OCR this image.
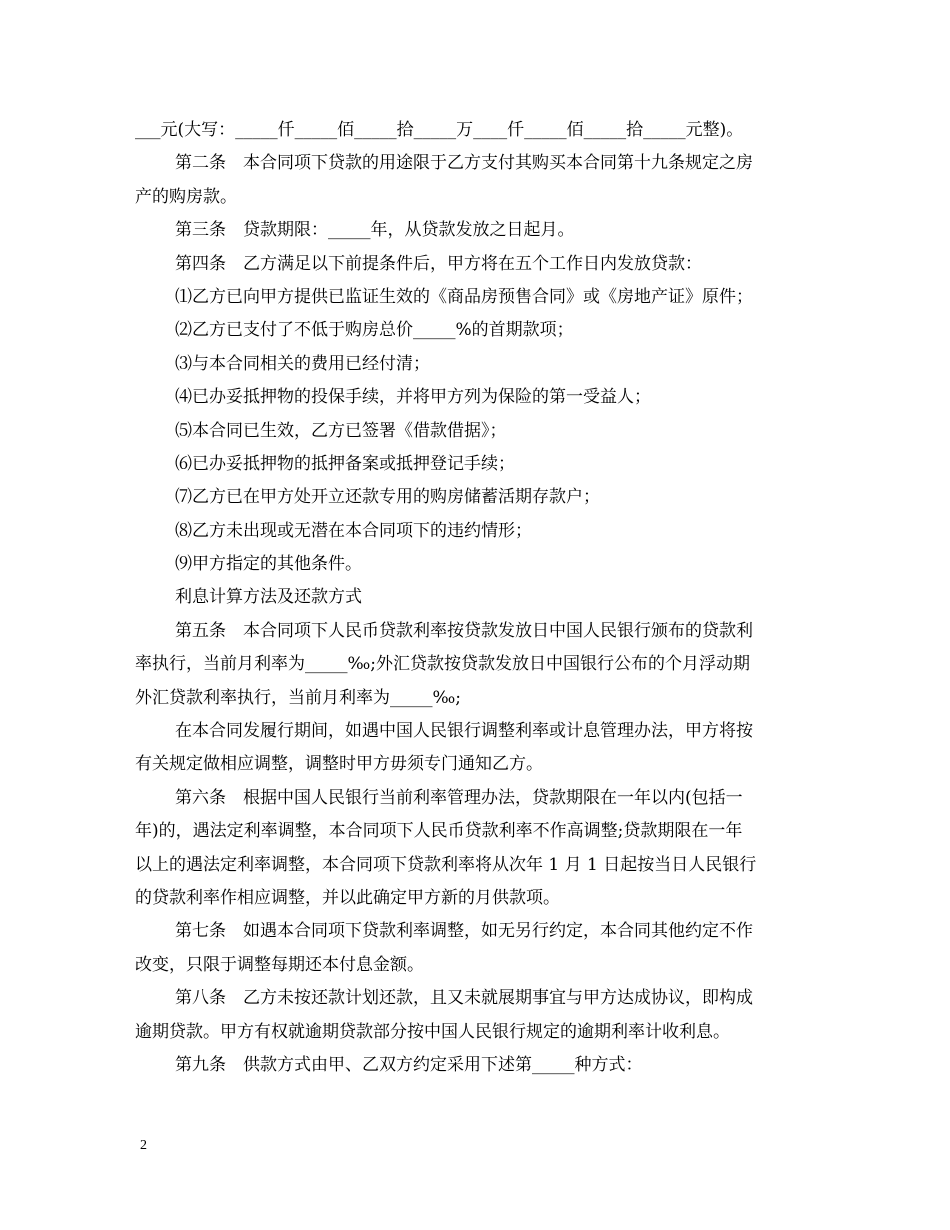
___元(大写：_____仟_____佰_____拾_____万____仟_____佰_____拾_____元整)。
第二条　本合同项下贷款的用途限于乙方支付其购买本合同第十九条规定之房
产的购房款。
第三条　贷款期限：_____年，从贷款发放之日起月。
第四条　乙方满足以下前提条件后，甲方将在五个工作日内发放贷款：
⑴乙方已向甲方提供已监证生效的《商品房预售合同》或《房地产证》原件；
⑵乙方已支付了不低于购房总价_____%的首期款项；
⑶与本合同相关的费用已经付清；
⑷已办妥抵押物的投保手续，并将甲方列为保险的第一受益人；
⑸本合同已生效，乙方已签署《借款借据》；
⑹已办妥抵押物的抵押备案或抵押登记手续；
⑺乙方已在甲方处开立还款专用的购房储蓄活期存款户；
⑻乙方未出现或无潜在本合同项下的违约情形；
⑼甲方指定的其他条件。
利息计算方法及还款方式
第五条　本合同项下人民币贷款利率按贷款发放日中国人民银行颁布的贷款利
率执行，当前月利率为_____‰;外汇贷款按贷款发放日中国银行公布的个月浮动期
外汇贷款利率执行，当前月利率为_____‰;
在本合同发履行期间，如遇中国人民银行调整利率或计息管理办法，甲方将按
有关规定做相应调整，调整时甲方毋须专门通知乙方。
第六条　根据中国人民银行当前利率管理办法，贷款期限在一年以内(包括一
年)的，遇法定利率调整，本合同项下人民币贷款利率不作高调整;贷款期限在一年
以上的遇法定利率调整，本合同项下贷款利率将从次年 1 月 1 日起按当日人民银行
的贷款利率作相应调整，并以此确定甲方新的月供款项。
第七条　如遇本合同项下贷款利率调整，如无另行约定，本合同其他约定不作
改变，只限于调整每期还本付息金额。
第八条　乙方未按还款计划还款，且又未就展期事宜与甲方达成协议，即构成
逾期贷款。甲方有权就逾期贷款部分按中国人民银行规定的逾期利率计收利息。
第九条　供款方式由甲、乙双方约定采用下述第_____种方式：
2
